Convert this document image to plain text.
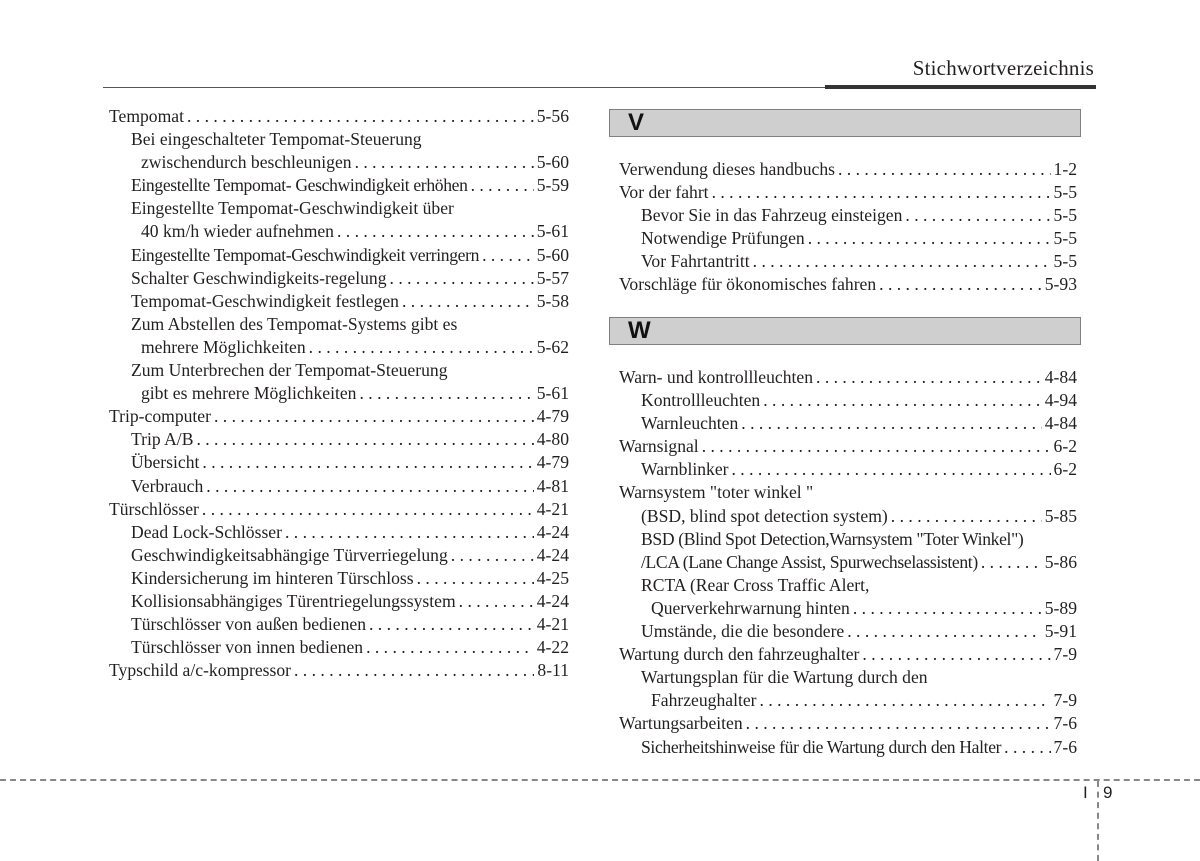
Stichwortverzeichnis
Tempomat . . .	5-56
Bei eingeschalteter Tempomat-Steuerung
zwischendurch beschleunigen . . .	5-60
Eingestellte Tempomat- Geschwindigkeit erhöhen . . .	5-59
Eingestellte Tempomat-Geschwindigkeit über
40 km/h wieder aufnehmen . . .	5-61
Eingestellte Tempomat-Geschwindigkeit verringern . . .	5-60
Schalter Geschwindigkeits-regelung . . .	5-57
Tempomat-Geschwindigkeit festlegen . . .	5-58
Zum Abstellen des Tempomat-Systems gibt es
mehrere Möglichkeiten . . .	5-62
Zum Unterbrechen der Tempomat-Steuerung
gibt es mehrere Möglichkeiten . . .	5-61
Trip-computer . . .	4-79
Trip A/B . . .	4-80
Übersicht . . .	4-79
Verbrauch . . .	4-81
Türschlösser . . .	4-21
Dead Lock-Schlösser . . .	4-24
Geschwindigkeitsabhängige Türverriegelung . . .	4-24
Kindersicherung im hinteren Türschloss . . .	4-25
Kollisionsabhängiges Türentriegelungssystem . . .	4-24
Türschlösser von außen bedienen . . .	4-21
Türschlösser von innen bedienen . . .	4-22
Typschild a/c-kompressor . . .	8-11
V
Verwendung dieses handbuchs . . .	1-2
Vor der fahrt . . .	5-5
Bevor Sie in das Fahrzeug einsteigen . . .	5-5
Notwendige Prüfungen . . .	5-5
Vor Fahrtantritt . . .	5-5
Vorschläge für ökonomisches fahren . . .	5-93
W
Warn- und kontrollleuchten . . .	4-84
Kontrollleuchten . . .	4-94
Warnleuchten . . .	4-84
Warnsignal . . .	6-2
Warnblinker . . .	6-2
Warnsystem "toter winkel "
(BSD, blind spot detection system) . . .	5-85
BSD (Blind Spot Detection,Warnsystem "Toter Winkel")
/LCA (Lane Change Assist, Spurwechselassistent) . . .	5-86
RCTA (Rear Cross Traffic Alert,
Querverkehrwarnung hinten . . .	5-89
Umstände, die die besondere . . .	5-91
Wartung durch den fahrzeughalter . . .	7-9
Wartungsplan für die Wartung durch den
Fahrzeughalter . . .	7-9
Wartungsarbeiten . . .	7-6
Sicherheitshinweise für die Wartung durch den Halter . . .	7-6
I 9
